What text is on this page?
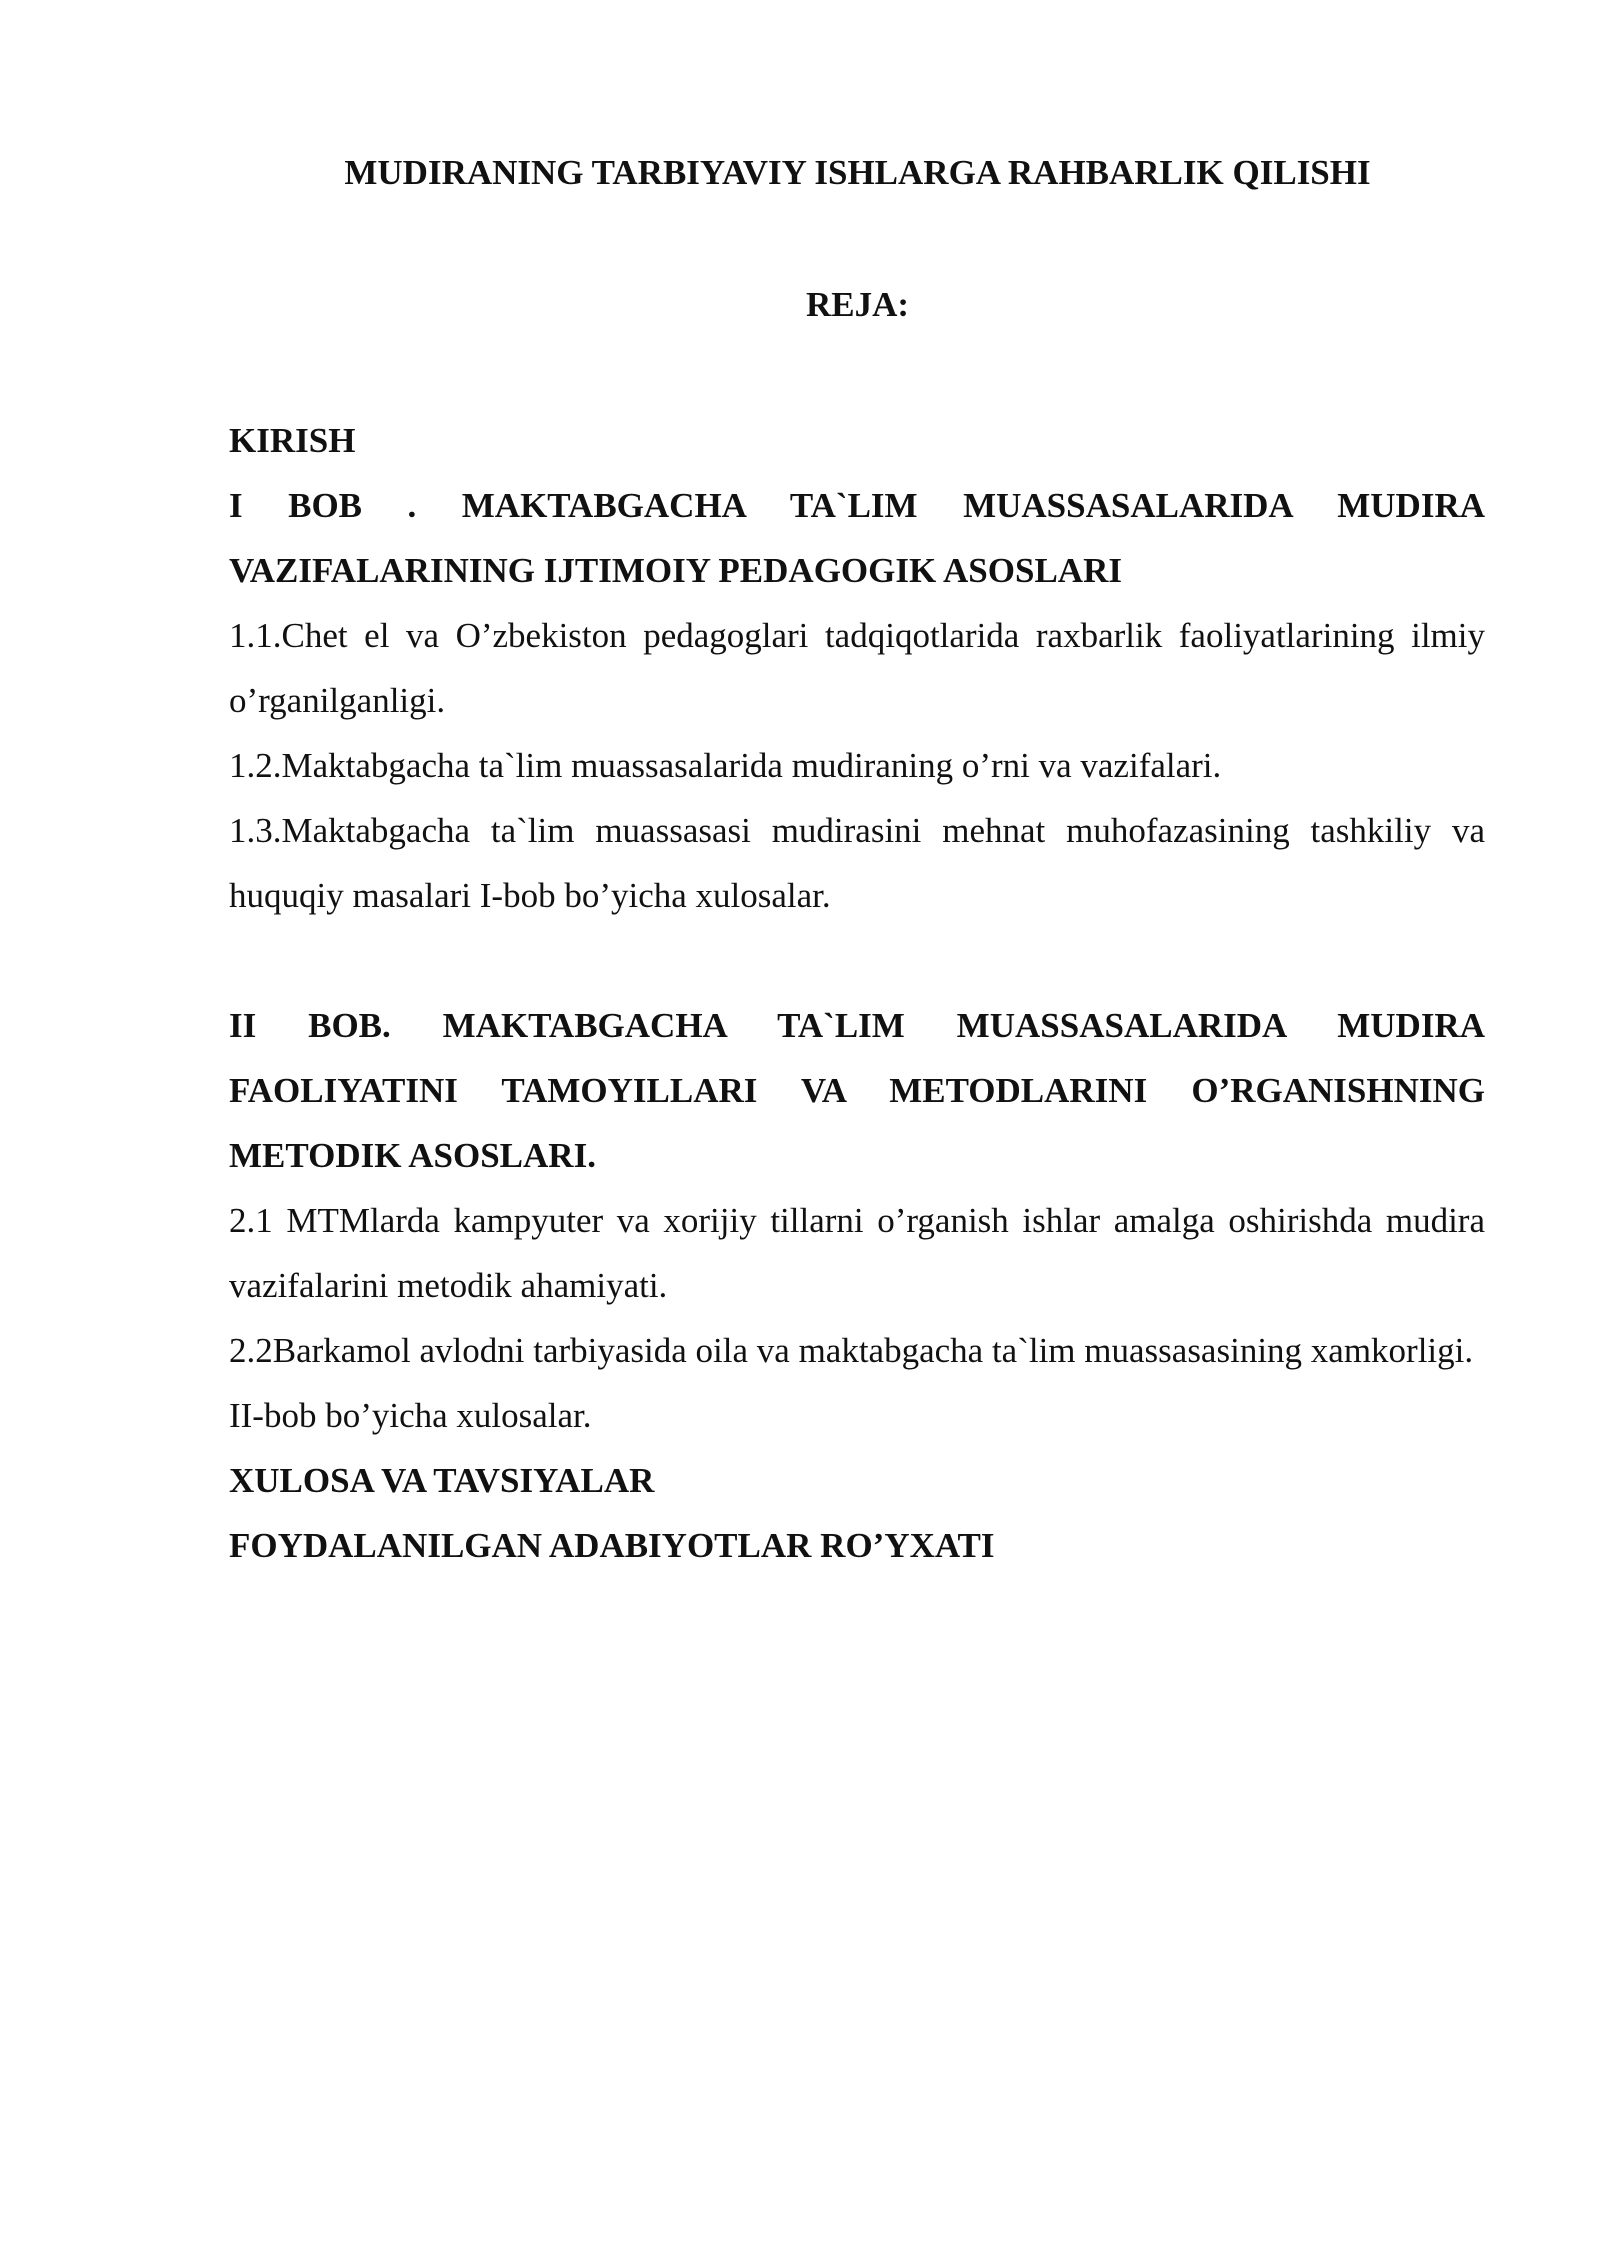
MUDIRANING TARBIYAVIY ISHLARGA RAHBARLIK QILISHI
REJA:

KIRISH

I BOB . MAKTABGACHA TA`LIM MUASSASALARIDA MUDIRA VAZIFALARINING IJTIMOIY PEDAGOGIK ASOSLARI

1.1.Chet el va O’zbekiston pedagoglari tadqiqotlarida raxbarlik faoliyatlarining ilmiy o’rganilganligi.

1.2.Maktabgacha ta`lim muassasalarida mudiraning o’rni va vazifalari.

1.3.Maktabgacha ta`lim muassasasi mudirasini mehnat muhofazasining tashkiliy va huquqiy masalari I-bob bo’yicha xulosalar.

II BOB. MAKTABGACHA TA`LIM MUASSASALARIDA MUDIRA FAOLIYATINI TAMOYILLARI VA METODLARINI O’RGANISHNING METODIK ASOSLARI.

2.1 MTMlarda kampyuter va xorijiy tillarni o’rganish ishlar amalga oshirishda mudira vazifalarini metodik ahamiyati.

2.2Barkamol avlodni tarbiyasida oila va maktabgacha ta`lim muassasasining xamkorligi.

II-bob bo’yicha xulosalar.

XULOSA VA TAVSIYALAR

FOYDALANILGAN ADABIYOTLAR RO’YXATI
